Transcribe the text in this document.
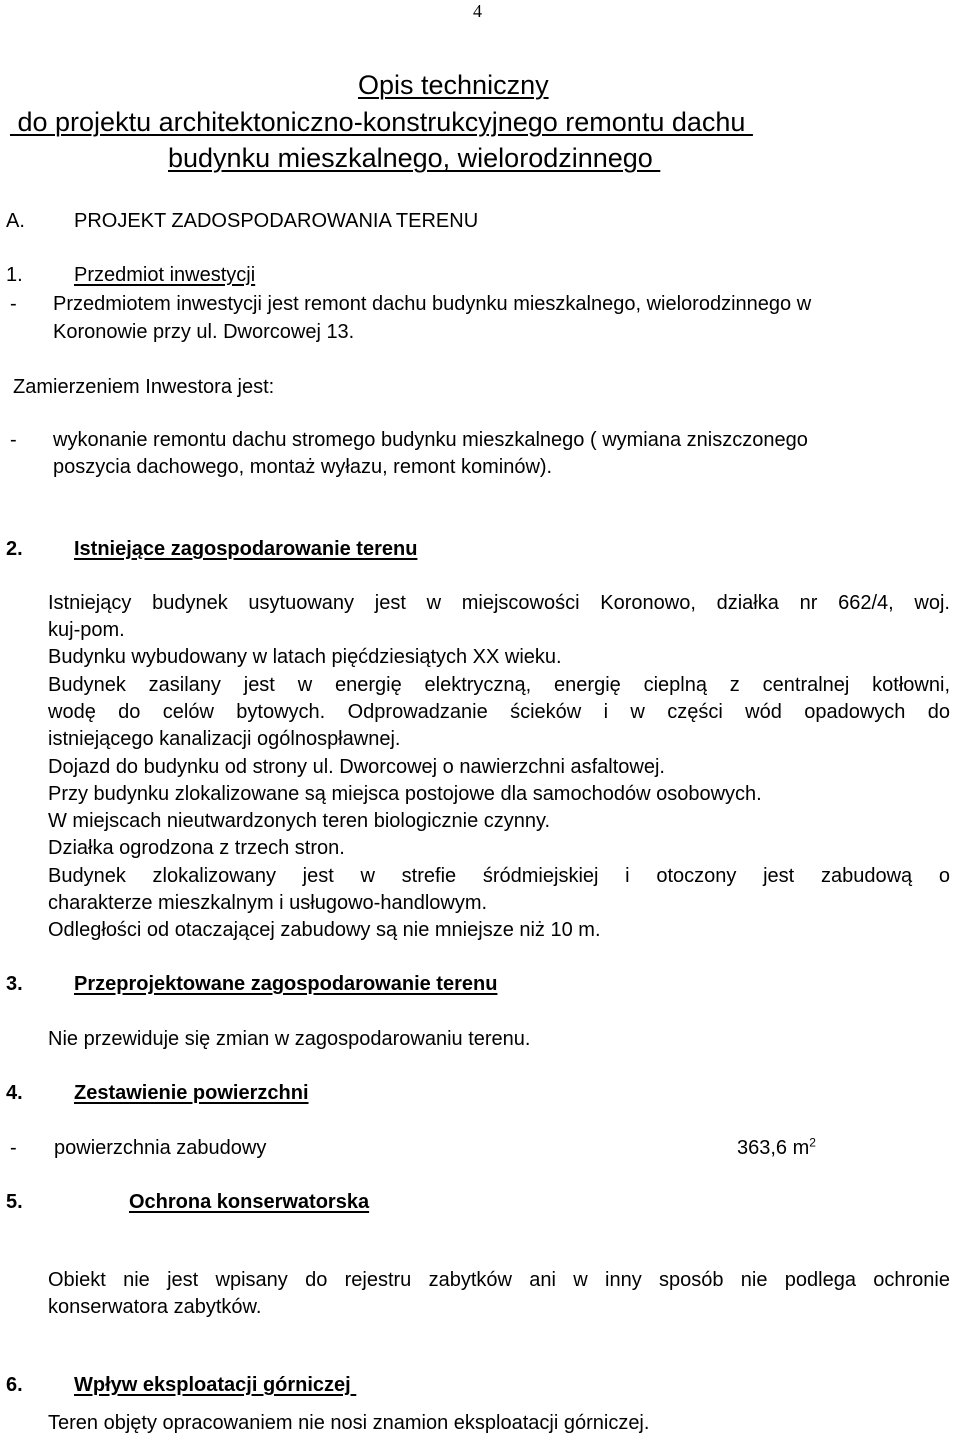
4
Opis techniczny
do projektu architektoniczno-konstrukcyjnego remontu dachu
budynku mieszkalnego, wielorodzinnego
A. PROJEKT ZADOSPODAROWANIA TERENU
1.	Przedmiot inwestycji
- Przedmiotem inwestycji jest remont dachu budynku mieszkalnego, wielorodzinnego w
Koronowie przy ul. Dworcowej 13.
Zamierzeniem Inwestora jest:
- wykonanie remontu dachu stromego budynku mieszkalnego ( wymiana zniszczonego
poszycia dachowego, montaż wyłazu, remont kominów).
2.	Istniejące zagospodarowanie terenu
Istniejący budynek usytuowany jest w miejscowości Koronowo, działka nr 662/4, woj.
kuj-pom.
Budynku wybudowany w latach pięćdziesiątych XX wieku.
Budynek zasilany jest w energię elektryczną, energię cieplną z centralnej kotłowni,
wodę do celów bytowych. Odprowadzanie ścieków i w części wód opadowych do
istniejącego kanalizacji ogólnospławnej.
Dojazd do budynku od strony ul. Dworcowej o nawierzchni asfaltowej.
Przy budynku zlokalizowane są miejsca postojowe dla samochodów osobowych.
W miejscach nieutwardzonych teren biologicznie czynny.
Działka ogrodzona z trzech stron.
Budynek zlokalizowany jest w strefie śródmiejskiej i otoczony jest zabudową o
charakterze mieszkalnym i usługowo-handlowym.
Odległości od otaczającej zabudowy są nie mniejsze niż 10 m.
3.	Przeprojektowane zagospodarowanie terenu
Nie przewiduje się zmian w zagospodarowaniu terenu.
4.	Zestawienie powierzchni
- powierzchnia zabudowy	363,6 $m^2$
5.	Ochrona konserwatorska
Obiekt nie jest wpisany do rejestru zabytków ani w inny sposób nie podlega ochronie
konserwatora zabytków.
6.	Wpływ eksploatacji górniczej
Teren objęty opracowaniem nie nosi znamion eksploatacji górniczej.
